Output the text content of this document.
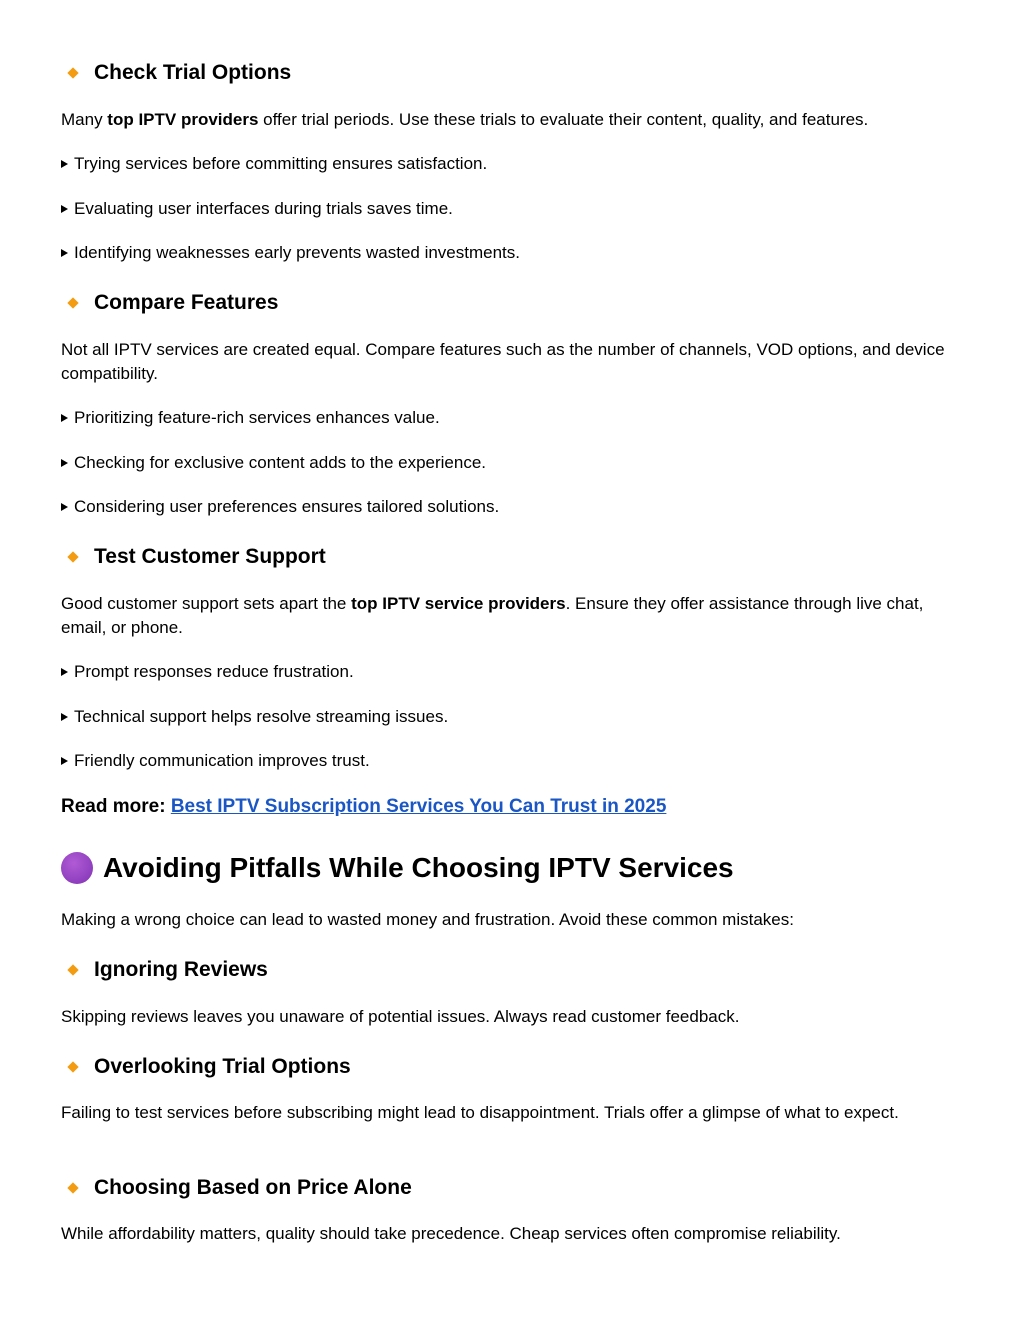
Check Trial Options
Many top IPTV providers offer trial periods. Use these trials to evaluate their content, quality, and features.
Trying services before committing ensures satisfaction.
Evaluating user interfaces during trials saves time.
Identifying weaknesses early prevents wasted investments.
Compare Features
Not all IPTV services are created equal. Compare features such as the number of channels, VOD options, and device compatibility.
Prioritizing feature-rich services enhances value.
Checking for exclusive content adds to the experience.
Considering user preferences ensures tailored solutions.
Test Customer Support
Good customer support sets apart the top IPTV service providers. Ensure they offer assistance through live chat, email, or phone.
Prompt responses reduce frustration.
Technical support helps resolve streaming issues.
Friendly communication improves trust.
Read more: Best IPTV Subscription Services You Can Trust in 2025
Avoiding Pitfalls While Choosing IPTV Services
Making a wrong choice can lead to wasted money and frustration. Avoid these common mistakes:
Ignoring Reviews
Skipping reviews leaves you unaware of potential issues. Always read customer feedback.
Overlooking Trial Options
Failing to test services before subscribing might lead to disappointment. Trials offer a glimpse of what to expect.
Choosing Based on Price Alone
While affordability matters, quality should take precedence. Cheap services often compromise reliability.
